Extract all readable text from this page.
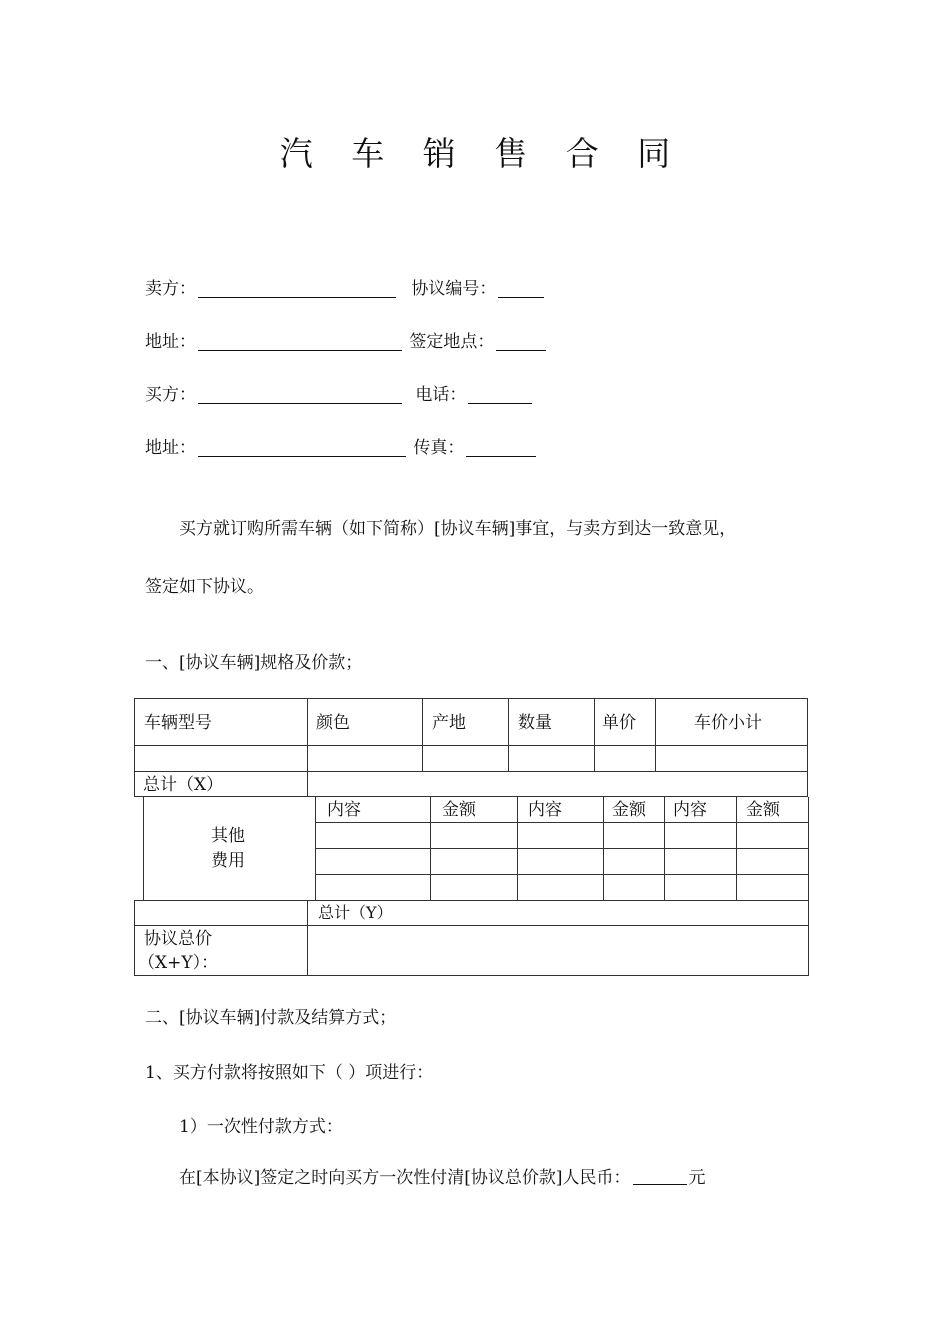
汽 车 销 售 合 同
卖方：	协议编号：
地址：	签定地点：
买方：	电话：
地址：	传真：
买方就订购所需车辆（如下简称）[协议车辆]事宜，与卖方到达一致意见，
签定如下协议。
一、[协议车辆]规格及价款；
车辆型号	颜色	产地	数量	单价	车价小计
总计（X）
其他
费用
内容	金额	内容	金额 内容 金额
总计（Y）
协议总价
（X+Y）：
二、[协议车辆]付款及结算方式；
1、买方付款将按照如下（ ）项进行：
1）一次性付款方式：
在[本协议]签定之时向买方一次性付清[协议总价款]人民币：	元
